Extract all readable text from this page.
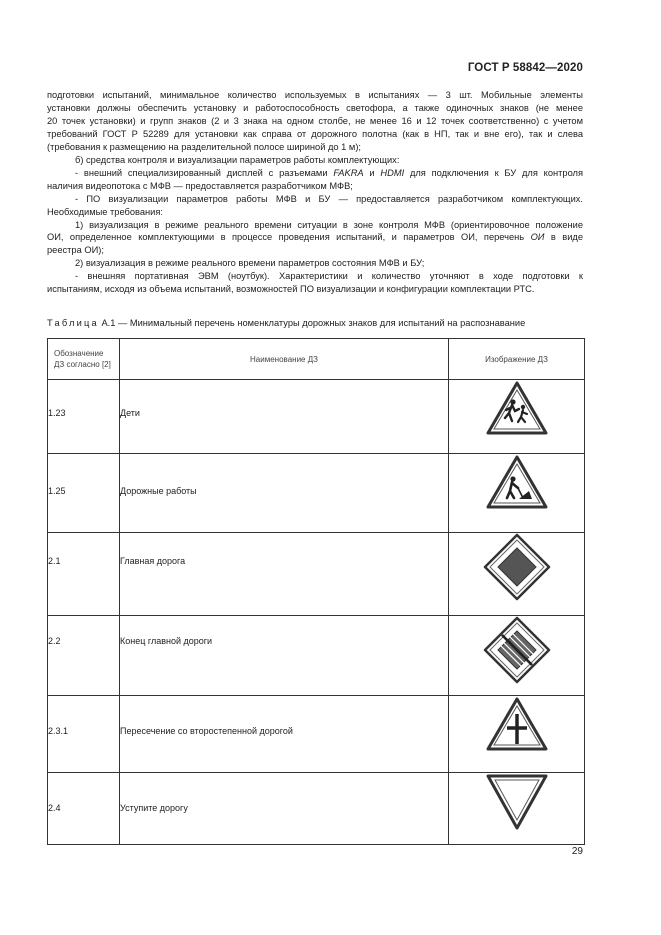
ГОСТ Р 58842—2020

подготовки испытаний, минимальное количество используемых в испытаниях — 3 шт. Мобильные элементы

установки должны обеспечить установку и работоспособность светофора, а также одиночных знаков (не менее

20 точек установки) и групп знаков (2 и 3 знака на одном столбе, не менее 16 и 12 точек соответственно) с учетом

требований ГОСТ Р 52289 для установки как справа от дорожного полотна (как в НП, так и вне его), так и слева

(требования к размещению на разделительной полосе шириной до 1 м);

б) средства контроля и визуализации параметров работы комплектующих:

- внешний специализированный дисплей с разъемами FAKRA и HDMI для подключения к БУ для контроля

наличия видеопотока с МФВ — предоставляется разработчиком МФВ;

- ПО визуализации параметров работы МФВ и БУ — предоставляется разработчиком комплектующих.

Необходимые требования:

1) визуализация в режиме реального времени ситуации в зоне контроля МФВ (ориентировочное положение

ОИ, определенное комплектующими в процессе проведения испытаний, и параметров ОИ, перечень ОИ в виде

реестра ОИ);

2) визуализация в режиме реального времени параметров состояния МФВ и БУ;

- внешняя портативная ЭВМ (ноутбук). Характеристики и количество уточняют в ходе подготовки к

испытаниям, исходя из объема испытаний, возможностей ПО визуализации и конфигурации комплектации РТС.

Таблица А.1 — Минимальный перечень номенклатуры дорожных знаков для испытаний на распознавание
Обозначение
ДЗ согласно [2]	Наименование ДЗ	Изображение ДЗ
1.23	Дети	
1.25	Дорожные работы	
2.1	Главная дорога	
2.2	Конец главной дороги	
2.3.1	Пересечение со второстепенной дорогой	
2.4	Уступите дорогу	
29
